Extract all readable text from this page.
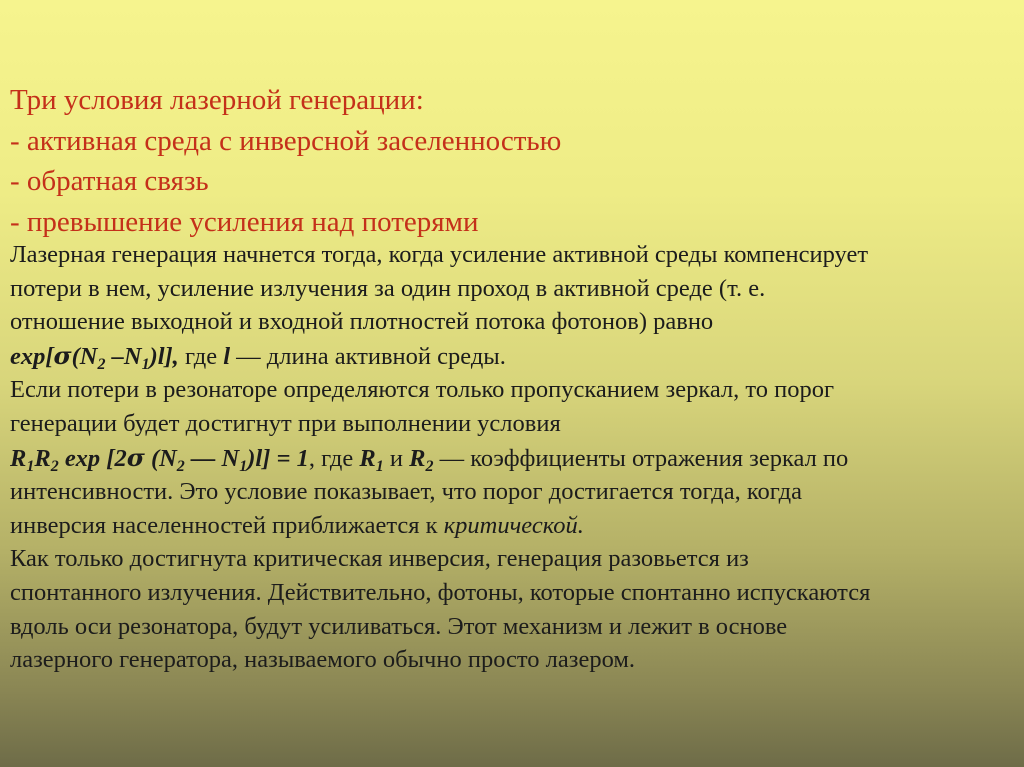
Три условия лазерной генерации:
- активная среда с инверсной заселенностью
- обратная связь
- превышение усиления над потерями
Лазерная генерация начнется тогда, когда усиление активной среды компенсирует
потери в нем, усиление излучения за один проход в активной среде (т. е.
отношение выходной и входной плотностей потока фотонов) равно
$\exp[\sigma(N_2$ $-N_1)l$], где l — длина активной среды.
Если потери в резонаторе определяются только пропусканием зеркал, то порог
генерации будет достигнут при выполнении условия
$R_1R_2$ exp [2σ ($N_2$ — $N_1)l] = 1$, где $R_1$ и $R_2$ — коэффициенты отражения зеркал по
интенсивности. Это условие показывает, что порог достигается тогда, когда
инверсия населенностей приближается к критической.
Как только достигнута критическая инверсия, генерация разовьется из
спонтанного излучения. Действительно, фотоны, которые спонтанно испускаются
вдоль оси резонатора, будут усиливаться. Этот механизм и лежит в основе
лазерного генератора, называемого обычно просто лазером.
